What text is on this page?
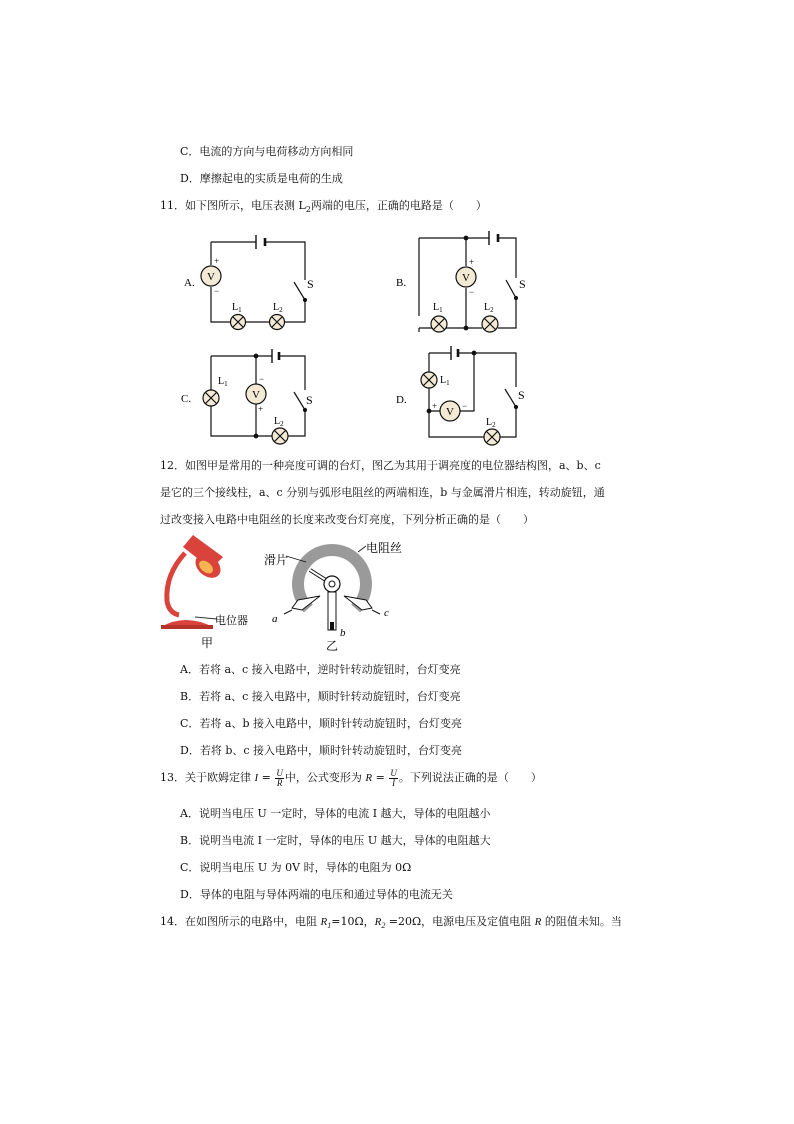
C．电流的方向与电荷移动方向相同
D．摩擦起电的实质是电荷的生成
11．如下图所示，电压表测 $L_2$两端的电压，正确的电路是（　　）
A. V
+
−	S
$L_1$	$L_2$
B.	V
+
−
S
$L_1$	$L_2$
C.	V
−
+
S
$L_1$
$L_2$
D.
V
+	−
S
$L_1$
$L_2$
12．如图甲是常用的一种亮度可调的台灯，图乙为其用于调亮度的电位器结构图，a、b、c
是它的三个接线柱，a、c 分别与弧形电阻丝的两端相连，b 与金属滑片相连，转动旋钮，通
过改变接入电路中电阻丝的长度来改变台灯亮度，下列分析正确的是（　　）
电位器
甲
滑片
电阻丝
a
b
c
乙
A．若将 a、c 接入电路中，逆时针转动旋钮时，台灯变亮
B．若将 a、c 接入电路中，顺时针转动旋钮时，台灯变亮
C．若将 a、b 接入电路中，顺时针转动旋钮时，台灯变亮
D．若将 b、c 接入电路中，顺时针转动旋钮时，台灯变亮
13．关于欧姆定律 $I = \frac{U}{R}$ 中，公式变形为 $R = \frac{U}{I}$ 。下列说法正确的是（　　）
A．说明当电压 U 一定时，导体的电流 I 越大，导体的电阻越小
B．说明当电流 I 一定时，导体的电压 U 越大，导体的电阻越大
C．说明当电压 U 为 0V 时，导体的电阻为 0Ω
D．导体的电阻与导体两端的电压和通过导体的电流无关
14．在如图所示的电路中，电阻 $R_1=10\Omega$，$R_2 =20\Omega$，电源电压及定值电阻 R 的阻值未知。当
